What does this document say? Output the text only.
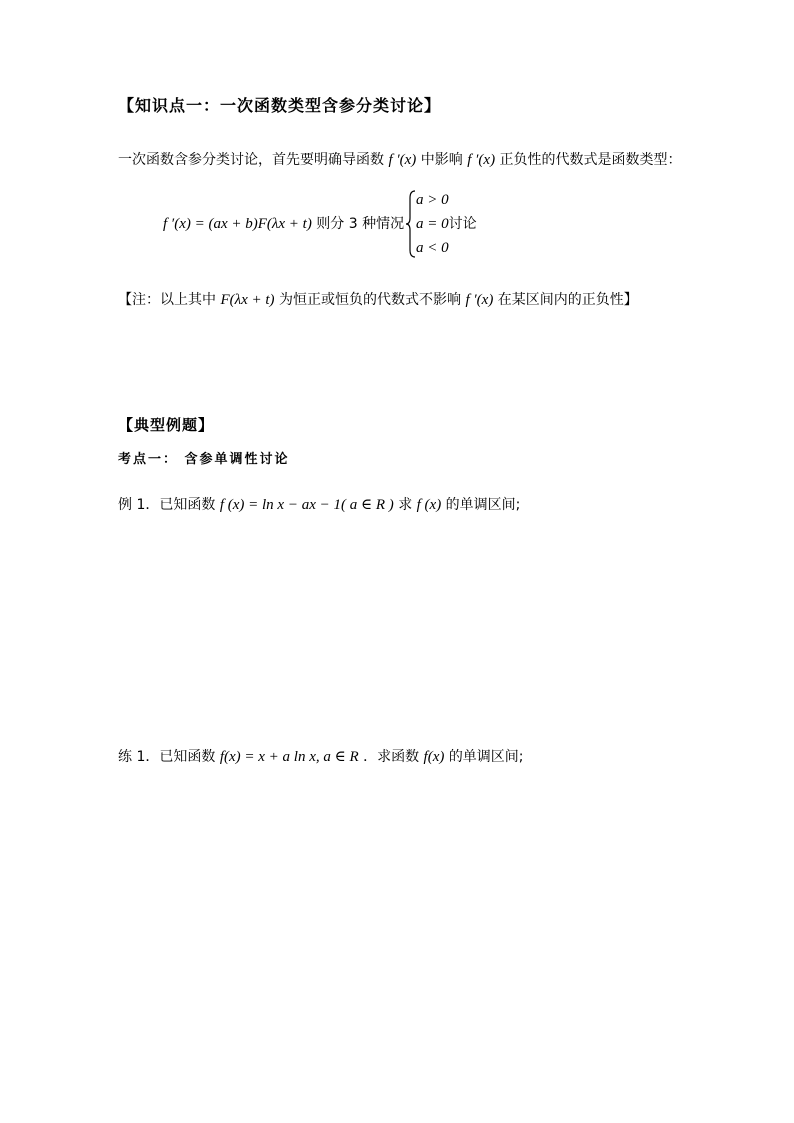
【知识点一：一次函数类型含参分类讨论】
一次函数含参分类讨论，首先要明确导函数 f ′(x) 中影响 f ′(x) 正负性的代数式是函数类型：
f ′(x) = (ax + b)F(λx + t) 则分 3 种情况
a > 0
a = 0讨论
a < 0
【注：以上其中 F(λx + t) 为恒正或恒负的代数式不影响 f ′(x) 在某区间内的正负性】
【典型例题】
考点一： 含参单调性讨论
例 1．已知函数 f (x) = ln x − ax − 1( a ∈ R ) 求 f (x) 的单调区间;
练 1．已知函数 f(x) = x + a ln x, a ∈ R ．求函数 f(x) 的单调区间;
